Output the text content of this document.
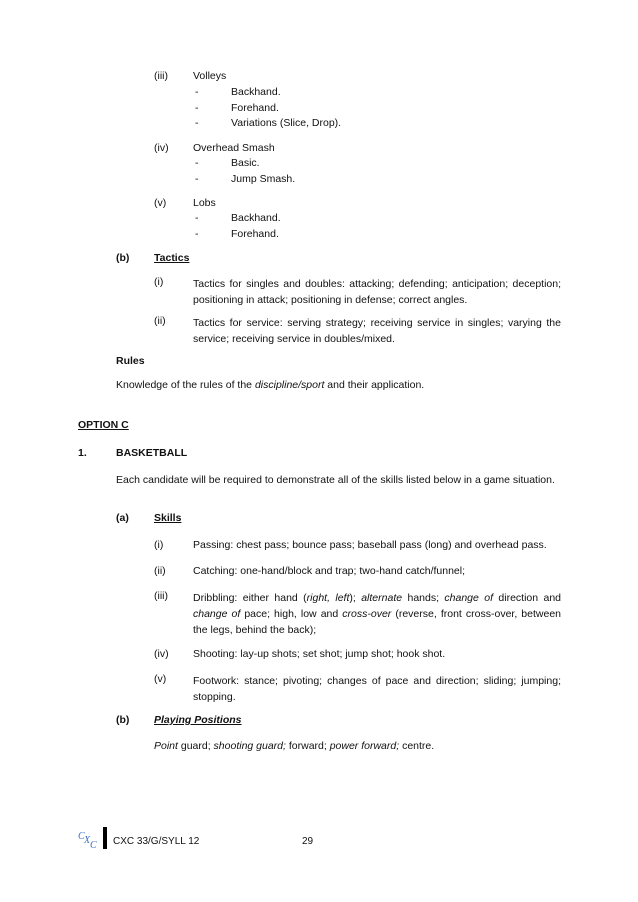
(iii) Volleys
-	Backhand.
-	Forehand.
-	Variations (Slice, Drop).
(iv) Overhead Smash
-	Basic.
-	Jump Smash.
(v)	Lobs
-	Backhand.
-	Forehand.
(b) Tactics
(i)	Tactics for singles and doubles: attacking; defending; anticipation; deception; positioning in attack; positioning in defense; correct angles.
(ii)	Tactics for service: serving strategy; receiving service in singles; varying the service; receiving service in doubles/mixed.
Rules
Knowledge of the rules of the discipline/sport and their application.
OPTION C
1.	BASKETBALL
Each candidate will be required to demonstrate all of the skills listed below in a game situation.
(a) Skills
(i)	Passing: chest pass; bounce pass; baseball pass (long) and overhead pass.
(ii)	Catching: one-hand/block and trap; two-hand catch/funnel;
(iii) Dribbling: either hand (right, left); alternate hands; change of direction and change of pace; high, low and cross-over (reverse, front cross-over, between the legs, behind the back);
(iv) Shooting: lay-up shots; set shot; jump shot; hook shot.
(v)	Footwork: stance; pivoting; changes of pace and direction; sliding; jumping; stopping.
(b) Playing Positions
Point guard; shooting guard; forward; power forward; centre.
C X C CXC 33/G/SYLL 12	29
